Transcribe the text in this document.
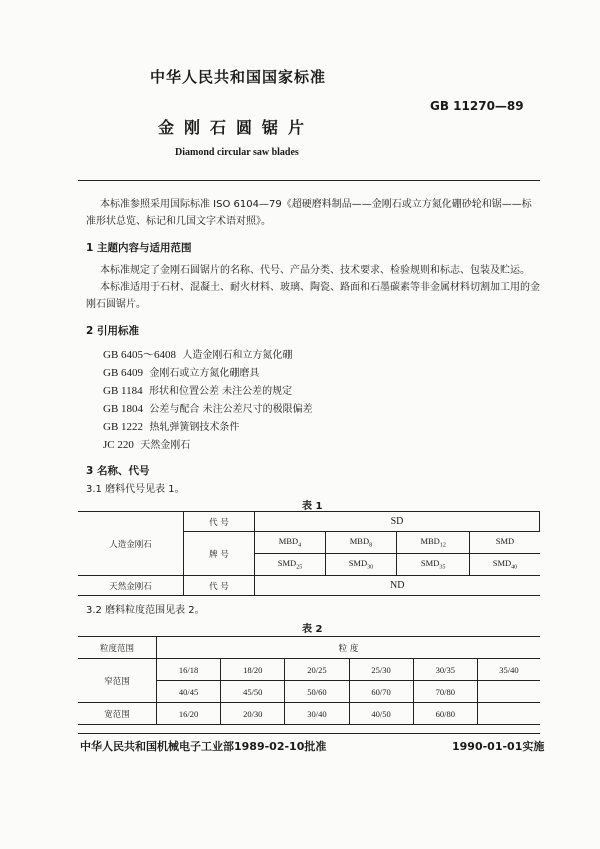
中华人民共和国国家标准
GB 11270—89
金刚石圆锯片
Diamond circular saw blades
本标准参照采用国际标准 ISO 6104—79《超硬磨料制品——金刚石或立方氮化硼砂轮和锯——标
准形状总览、标记和几国文字术语对照》。
1 主题内容与适用范围
本标准规定了金刚石圆锯片的名称、代号、产品分类、技术要求、检验规则和标志、包装及贮运。
本标准适用于石材、混凝土、耐火材料、玻璃、陶瓷、路面和石墨碳素等非金属材料切割加工用的金
刚石圆锯片。
2 引用标准
GB 6405～6408 人造金刚石和立方氮化硼
GB 6409 金刚石或立方氮化硼磨具
GB 1184 形状和位置公差 未注公差的规定
GB 1804 公差与配合 未注公差尺寸的极限偏差
GB 1222 热轧弹簧钢技术条件
JC 220 天然金刚石
3 名称、代号
3.1 磨料代号见表 1。
表 1
人造金刚石	代 号	SD			
	牌 号	$MBD_4$	$MBD_8$	$MBD_{12}$	SMD
		$SMD_{25}$	$SMD_{30}$	$SMD_{35}$	$SMD_{40}$
天然金刚石	代 号	ND			
3.2 磨料粒度范围见表 2。
表 2
粒度范围	粒 度					
窄范围	16/18	18/20	20/25	25/30	30/35	35/40
	40/45	45/50	50/60	60/70	70/80	
宽范围	16/20	20/30	30/40	40/50	60/80	
中华人民共和国机械电子工业部1989-02-10批准	1990-01-01实施
